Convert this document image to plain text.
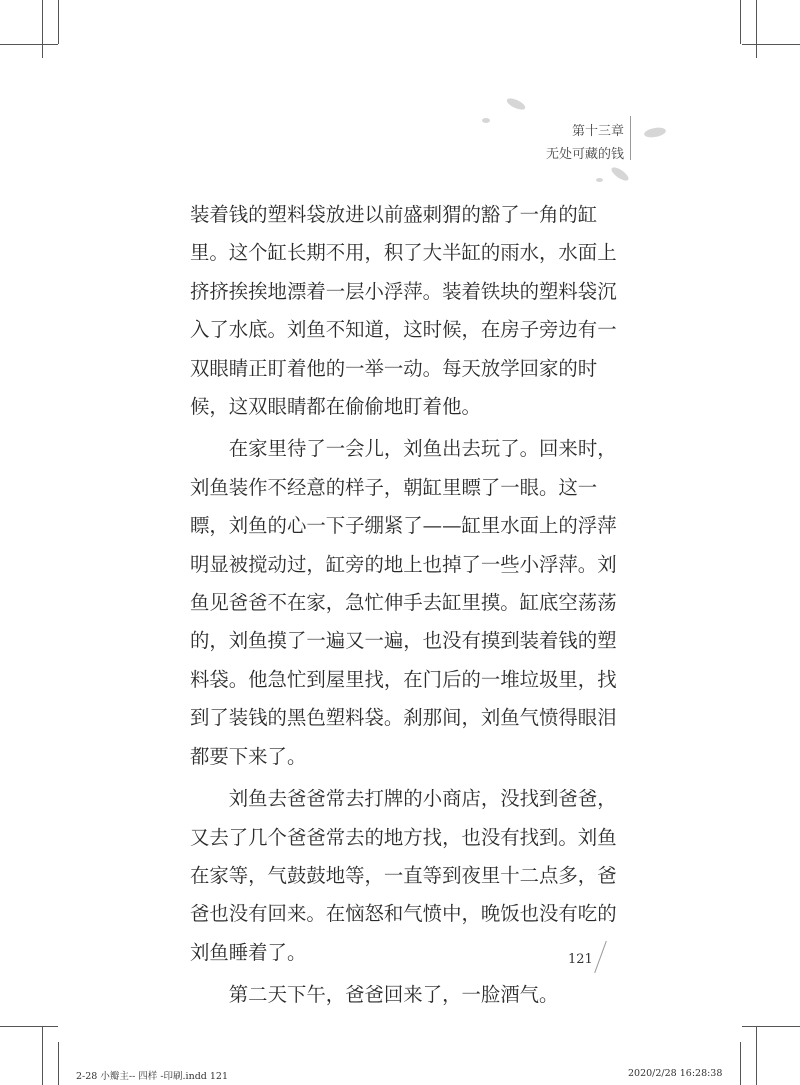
第十三章
无处可藏的钱

装着钱的塑料袋放进以前盛刺猬的豁了一角的缸里。这个缸长期不用，积了大半缸的雨水，水面上挤挤挨挨地漂着一层小浮萍。装着铁块的塑料袋沉入了水底。刘鱼不知道，这时候，在房子旁边有一双眼睛正盯着他的一举一动。每天放学回家的时候，这双眼睛都在偷偷地盯着他。

在家里待了一会儿，刘鱼出去玩了。回来时，刘鱼装作不经意的样子，朝缸里瞟了一眼。这一瞟，刘鱼的心一下子绷紧了——缸里水面上的浮萍明显被搅动过，缸旁的地上也掉了一些小浮萍。刘鱼见爸爸不在家，急忙伸手去缸里摸。缸底空荡荡的，刘鱼摸了一遍又一遍，也没有摸到装着钱的塑料袋。他急忙到屋里找，在门后的一堆垃圾里，找到了装钱的黑色塑料袋。刹那间，刘鱼气愤得眼泪都要下来了。

刘鱼去爸爸常去打牌的小商店，没找到爸爸，又去了几个爸爸常去的地方找，也没有找到。刘鱼在家等，气鼓鼓地等，一直等到夜里十二点多，爸爸也没有回来。在恼怒和气愤中，晚饭也没有吃的刘鱼睡着了。

第二天下午，爸爸回来了，一脸酒气。

121
2-28 小瓣主-- 四样 -印刷.indd 121	2020/2/28 16:28:38
